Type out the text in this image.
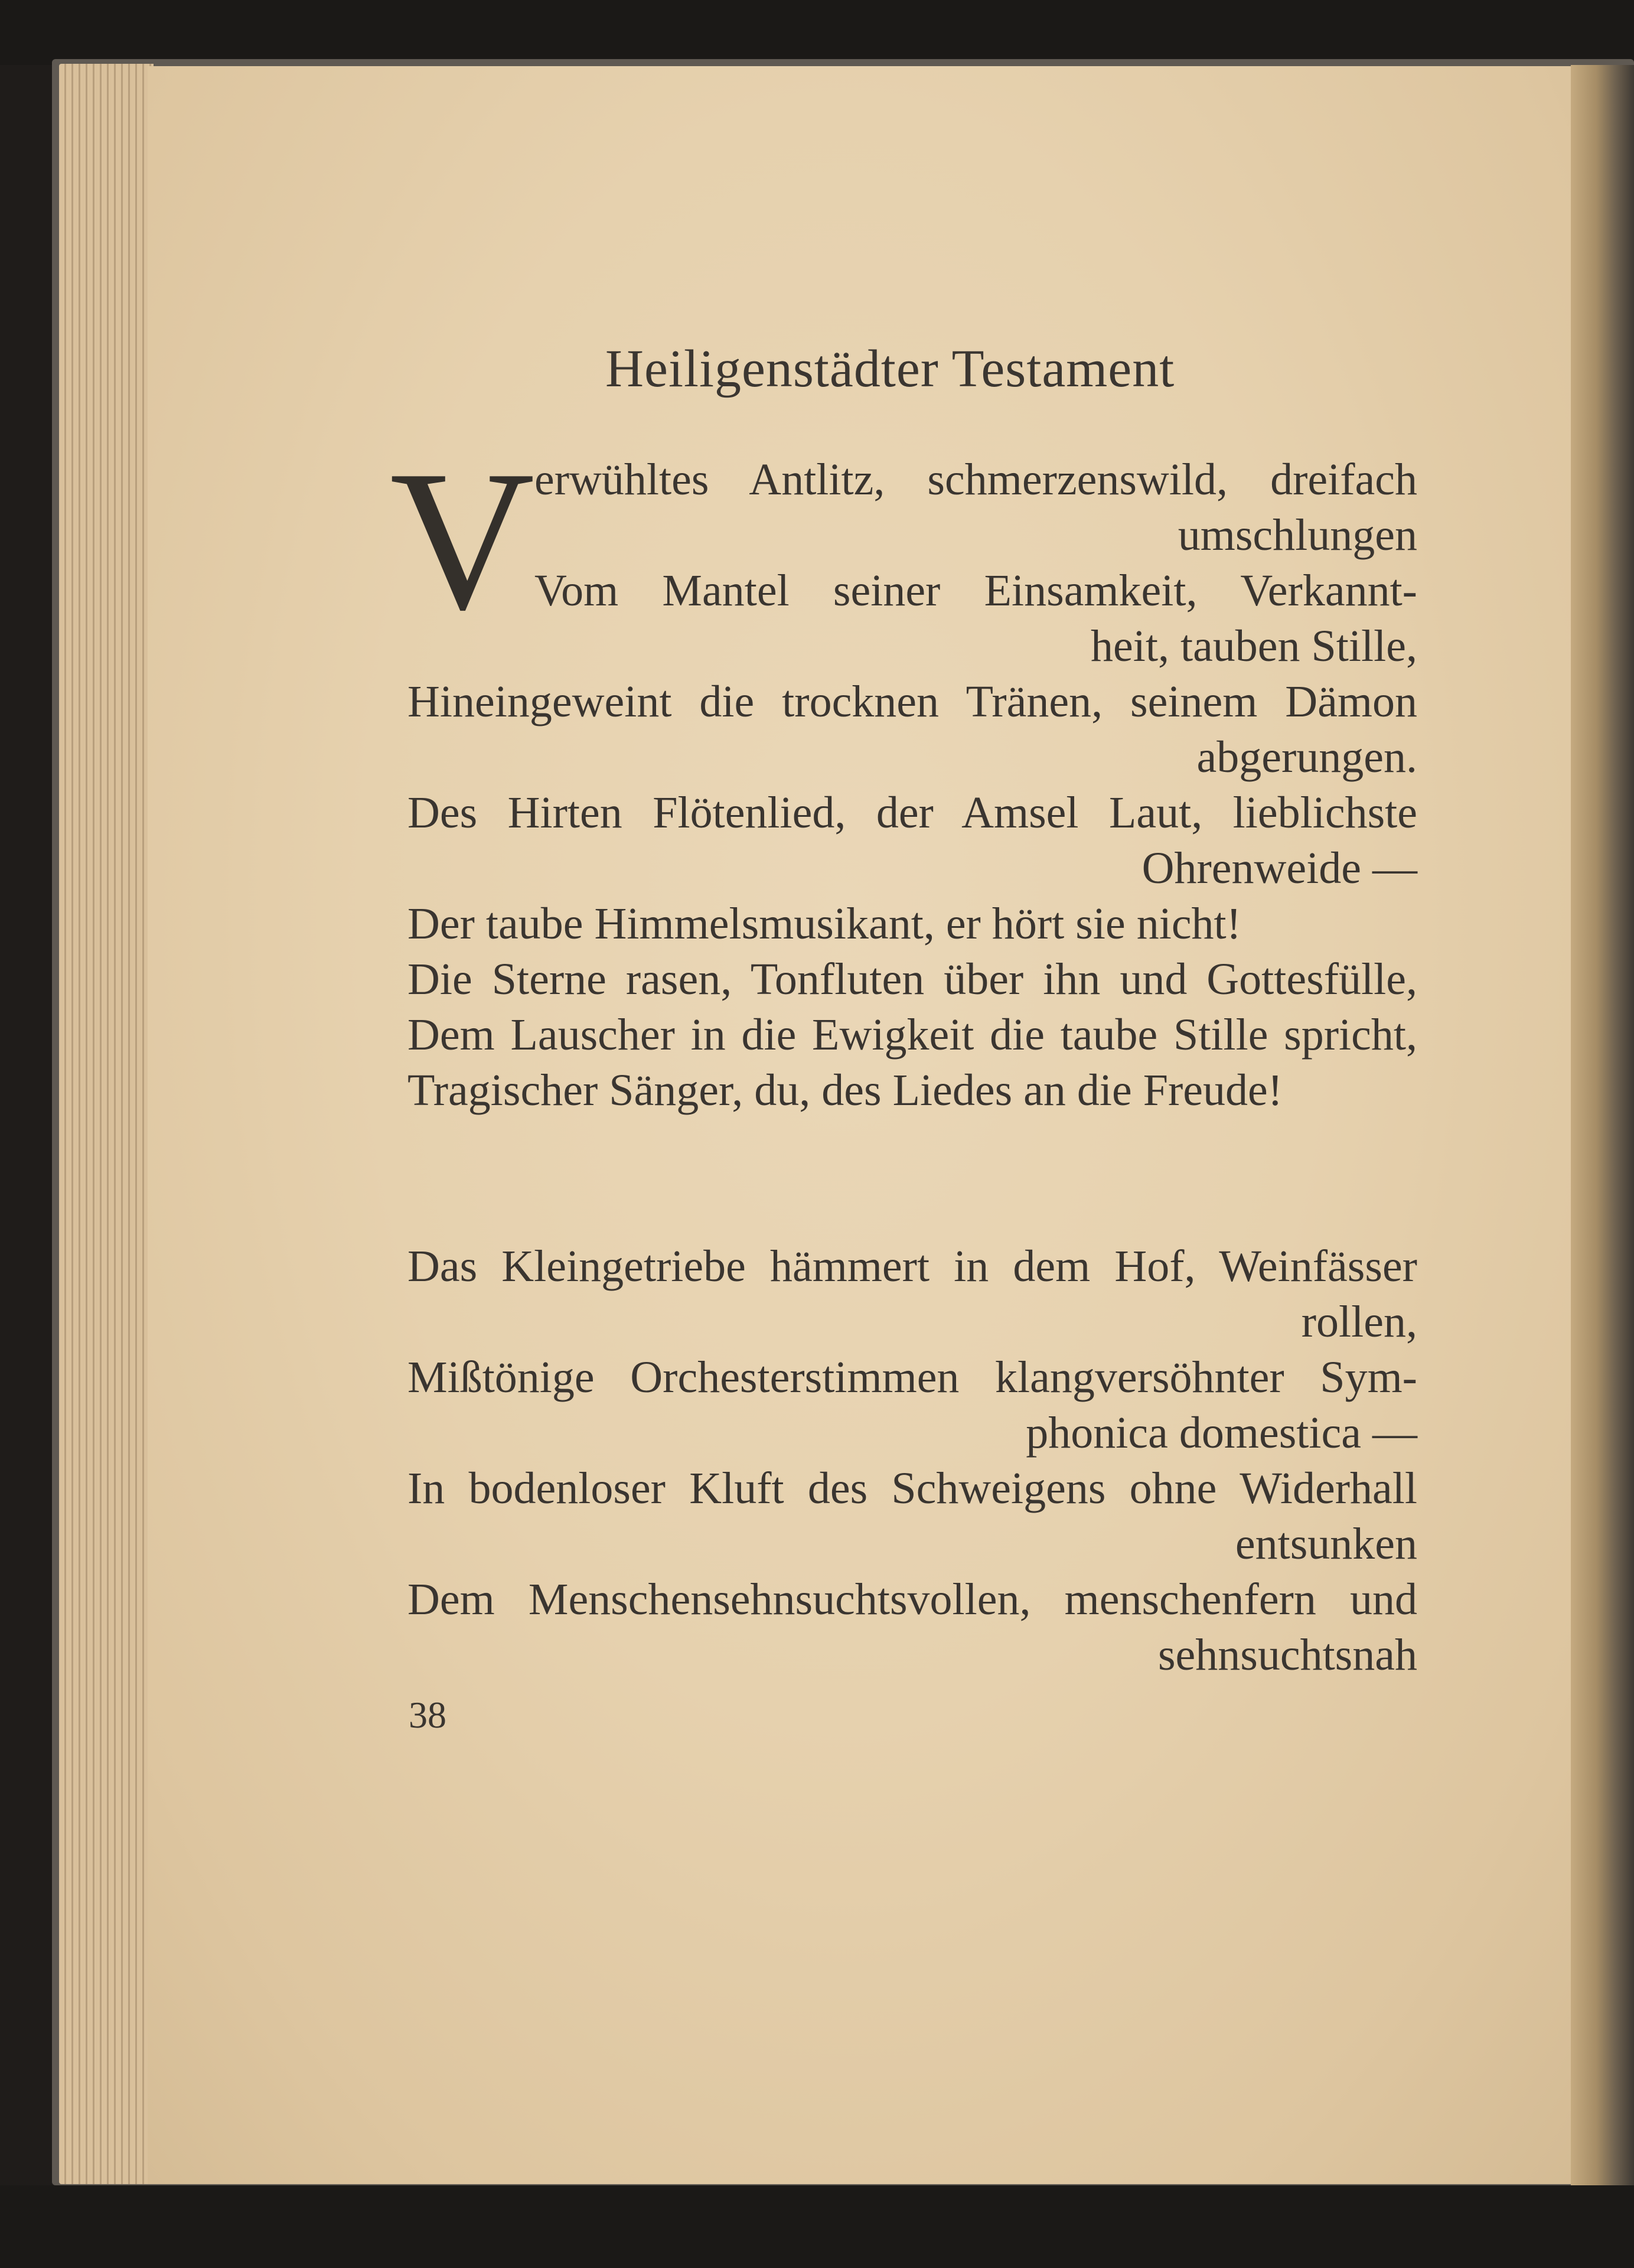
Heiligenstädter Testament
V erwühltes Antlitz, schmerzenswild, dreifach
umschlungen
Vom Mantel seiner Einsamkeit, Verkannt-
heit, tauben Stille,
Hineingeweint die trocknen Tränen, seinem Dämon
abgerungen.
Des Hirten Flötenlied, der Amsel Laut, lieblichste
Ohrenweide —
Der taube Himmelsmusikant, er hört sie nicht!
Die Sterne rasen, Tonfluten über ihn und Gottesfülle,
Dem Lauscher in die Ewigkeit die taube Stille spricht,
Tragischer Sänger, du, des Liedes an die Freude!
Das Kleingetriebe hämmert in dem Hof, Weinfässer
rollen,
Mißtönige Orchesterstimmen klangversöhnter Sym-
phonica domestica —
In bodenloser Kluft des Schweigens ohne Widerhall
entsunken
Dem Menschensehnsuchtsvollen, menschenfern und
sehnsuchtsnah
38
